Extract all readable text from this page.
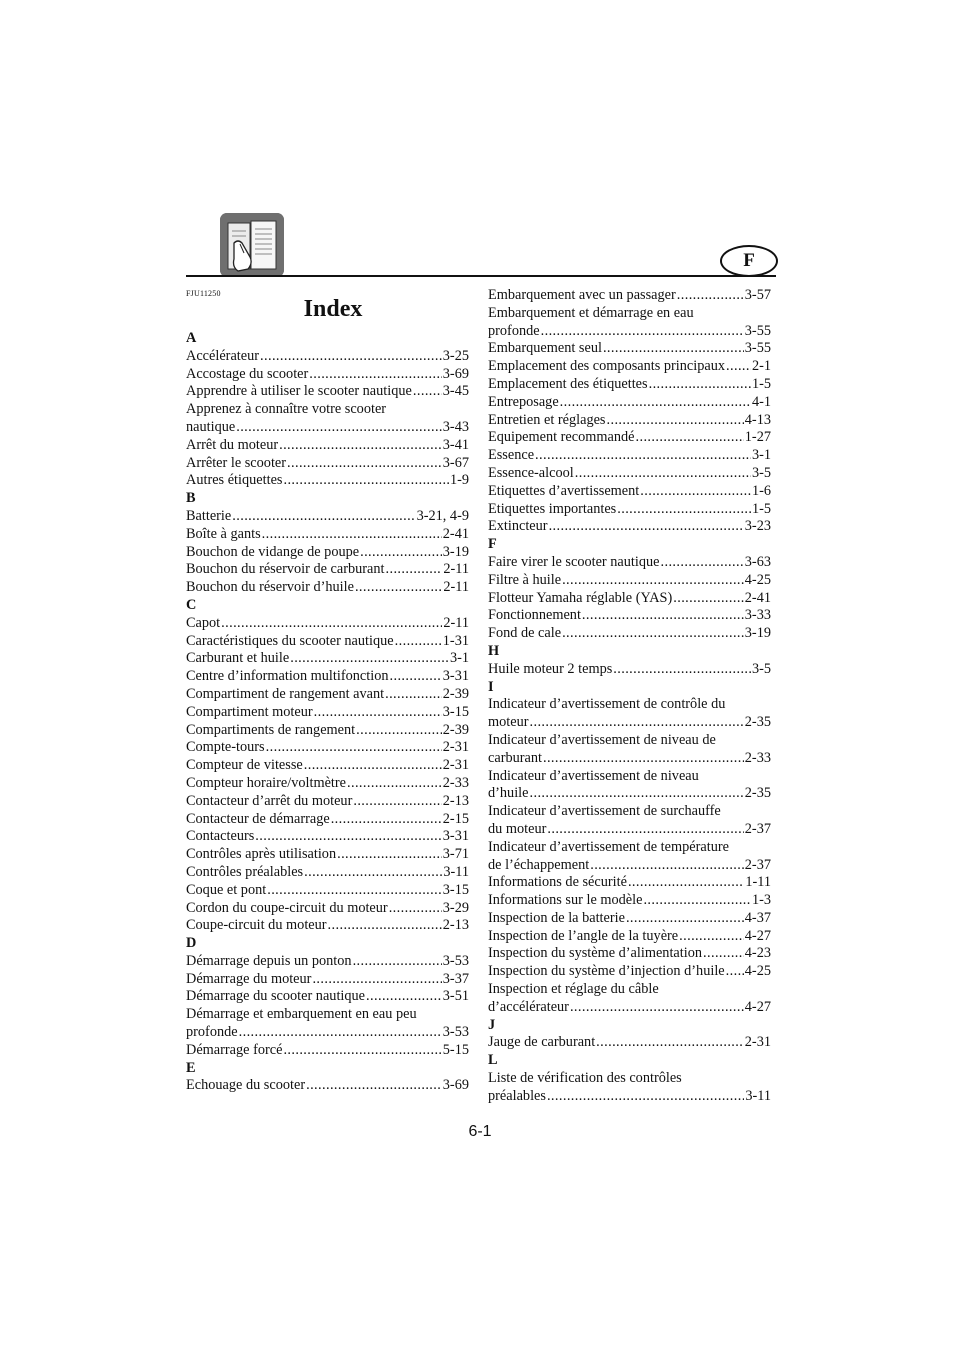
F
FJU11250
Index
A
Accélérateur .....	3-25
Accostage du scooter .....	3-69
Apprendre à utiliser le scooter nautique ..... 3-45
Apprenez à connaître votre scooter
nautique .....	3-43
Arrêt du moteur .....	3-41
Arrêter le scooter .....	3-67
Autres étiquettes .....	1-9
B
Batterie .....	3-21, 4-9
Boîte à gants .....	2-41
Bouchon de vidange de poupe .....	3-19
Bouchon du réservoir de carburant .....	2-11
Bouchon du réservoir d’huile .....	2-11
C
Capot .....	2-11
Caractéristiques du scooter nautique .....	1-31
Carburant et huile .....	3-1
Centre d’information multifonction .....	3-31
Compartiment de rangement avant .....	2-39
Compartiment moteur .....	3-15
Compartiments de rangement .....	2-39
Compte-tours .....	2-31
Compteur de vitesse .....	2-31
Compteur horaire/voltmètre .....	2-33
Contacteur d’arrêt du moteur .....	2-13
Contacteur de démarrage .....	2-15
Contacteurs .....	3-31
Contrôles après utilisation .....	3-71
Contrôles préalables .....	3-11
Coque et pont .....	3-15
Cordon du coupe-circuit du moteur .....	3-29
Coupe-circuit du moteur .....	2-13
D
Démarrage depuis un ponton .....	3-53
Démarrage du moteur .....	3-37
Démarrage du scooter nautique .....	3-51
Démarrage et embarquement en eau peu
profonde .....	3-53
Démarrage forcé .....	5-15
E
Echouage du scooter .....	3-69
Embarquement avec un passager .....	3-57
Embarquement et démarrage en eau
profonde .....	3-55
Embarquement seul .....	3-55
Emplacement des composants principaux ..... 2-1
Emplacement des étiquettes .....	1-5
Entreposage .....	4-1
Entretien et réglages .....	4-13
Equipement recommandé .....	1-27
Essence .....	3-1
Essence-alcool .....	3-5
Etiquettes d’avertissement .....	1-6
Etiquettes importantes .....	1-5
Extincteur .....	3-23
F
Faire virer le scooter nautique .....	3-63
Filtre à huile .....	4-25
Flotteur Yamaha réglable (YAS) .....	2-41
Fonctionnement .....	3-33
Fond de cale .....	3-19
H
Huile moteur 2 temps .....	3-5
I
Indicateur d’avertissement de contrôle du
moteur .....	2-35
Indicateur d’avertissement de niveau de
carburant .....	2-33
Indicateur d’avertissement de niveau
d’huile .....	2-35
Indicateur d’avertissement de surchauffe
du moteur .....	2-37
Indicateur d’avertissement de température
de l’échappement .....	2-37
Informations de sécurité .....	1-11
Informations sur le modèle .....	1-3
Inspection de la batterie .....	4-37
Inspection de l’angle de la tuyère .....	4-27
Inspection du système d’alimentation .....	4-23
Inspection du système d’injection d’huile ..... 4-25
Inspection et réglage du câble
d’accélérateur .....	4-27
J
Jauge de carburant .....	2-31
L
Liste de vérification des contrôles
préalables .....	3-11
6-1
